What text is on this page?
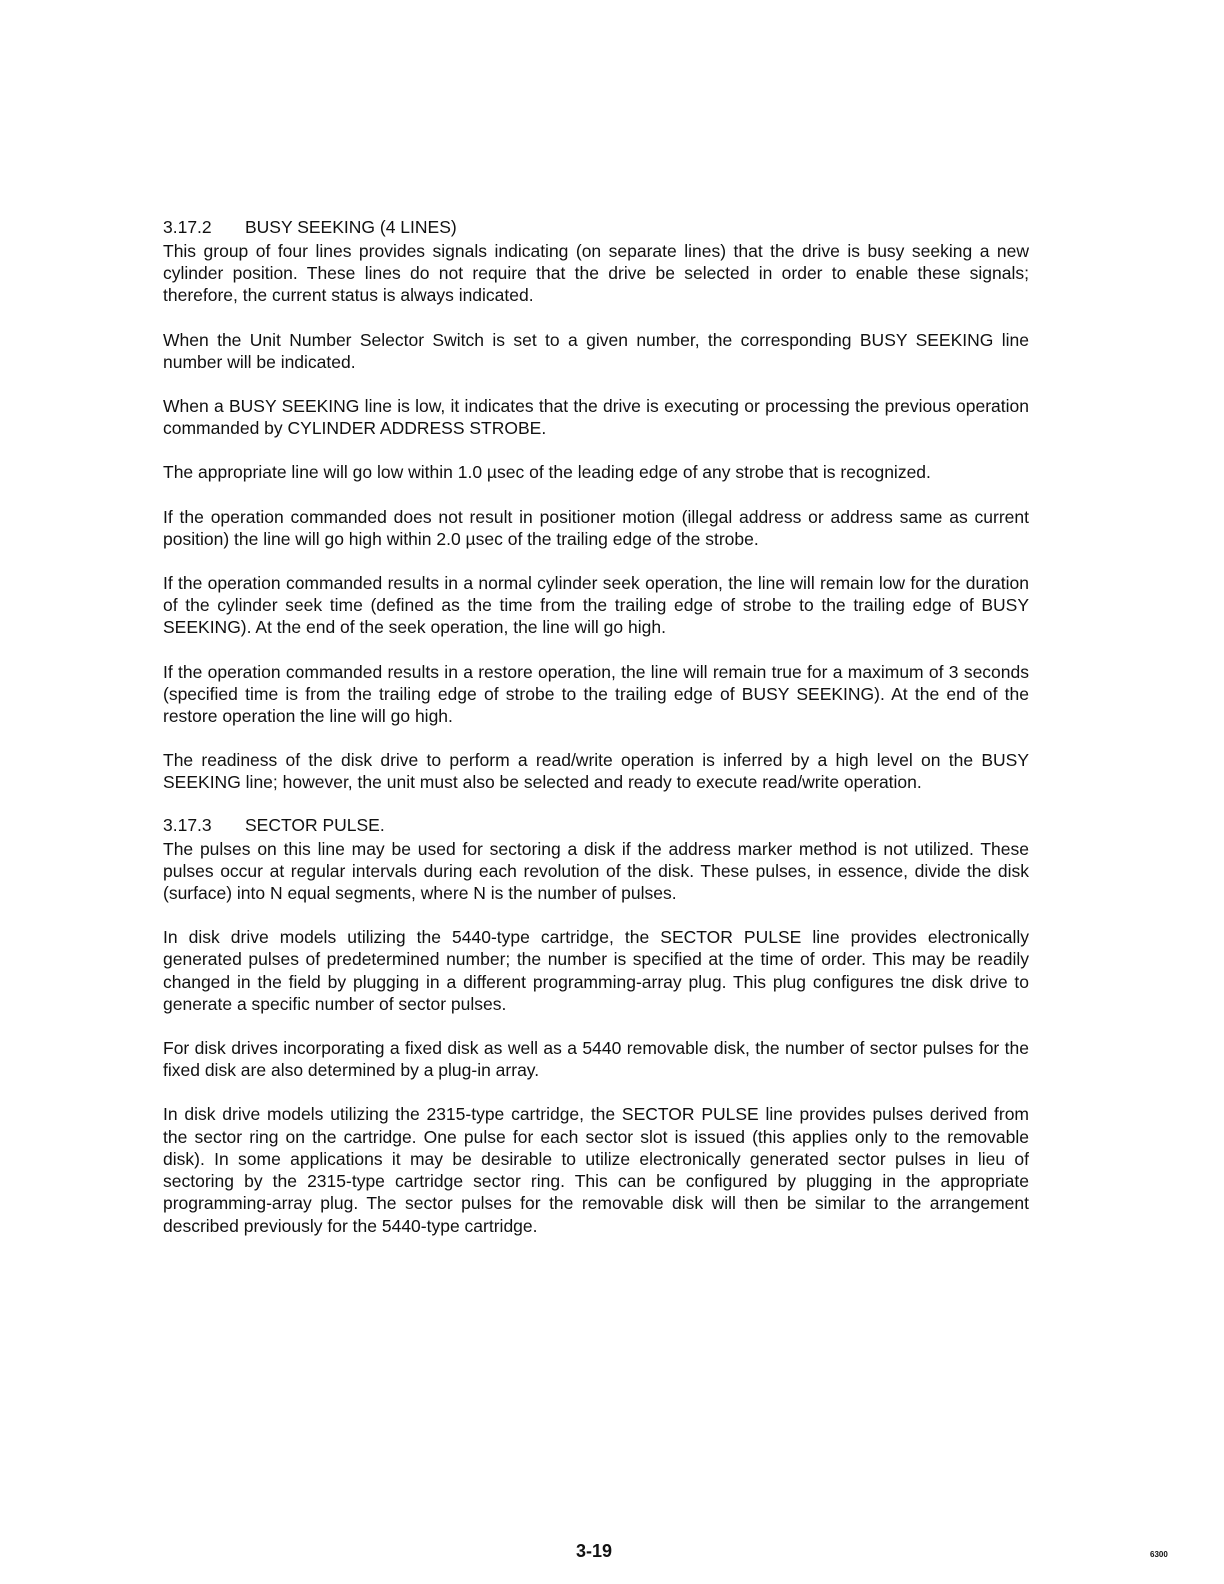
3.17.2 BUSY SEEKING (4 LINES)

This group of four lines provides signals indicating (on separate lines) that the drive is busy seeking a new cylinder position. These lines do not require that the drive be selected in order to enable these signals; therefore, the current status is always indicated.

When the Unit Number Selector Switch is set to a given number, the corresponding BUSY SEEKING line number will be indicated.

When a BUSY SEEKING line is low, it indicates that the drive is executing or processing the previous operation commanded by CYLINDER ADDRESS STROBE.

The appropriate line will go low within 1.0 µsec of the leading edge of any strobe that is recognized.

If the operation commanded does not result in positioner motion (illegal address or address same as current position) the line will go high within 2.0 µsec of the trailing edge of the strobe.

If the operation commanded results in a normal cylinder seek operation, the line will remain low for the duration of the cylinder seek time (defined as the time from the trailing edge of strobe to the trailing edge of BUSY SEEKING). At the end of the seek operation, the line will go high.

If the operation commanded results in a restore operation, the line will remain true for a maximum of 3 seconds (specified time is from the trailing edge of strobe to the trailing edge of BUSY SEEKING). At the end of the restore operation the line will go high.

The readiness of the disk drive to perform a read/write operation is inferred by a high level on the BUSY SEEKING line; however, the unit must also be selected and ready to execute read/write operation.

3.17.3 SECTOR PULSE.

The pulses on this line may be used for sectoring a disk if the address marker method is not utilized. These pulses occur at regular intervals during each revolution of the disk. These pulses, in essence, divide the disk (surface) into N equal segments, where N is the number of pulses.

In disk drive models utilizing the 5440-type cartridge, the SECTOR PULSE line provides electronically generated pulses of predetermined number; the number is specified at the time of order. This may be readily changed in the field by plugging in a different programming-array plug. This plug configures tne disk drive to generate a specific number of sector pulses.

For disk drives incorporating a fixed disk as well as a 5440 removable disk, the number of sector pulses for the fixed disk are also determined by a plug-in array.

In disk drive models utilizing the 2315-type cartridge, the SECTOR PULSE line provides pulses derived from the sector ring on the cartridge. One pulse for each sector slot is issued (this applies only to the removable disk). In some applications it may be desirable to utilize electronically generated sector pulses in lieu of sectoring by the 2315-type cartridge sector ring. This can be configured by plugging in the appropriate programming-array plug. The sector pulses for the removable disk will then be similar to the arrangement described previously for the 5440-type cartridge.

3-19	6300
